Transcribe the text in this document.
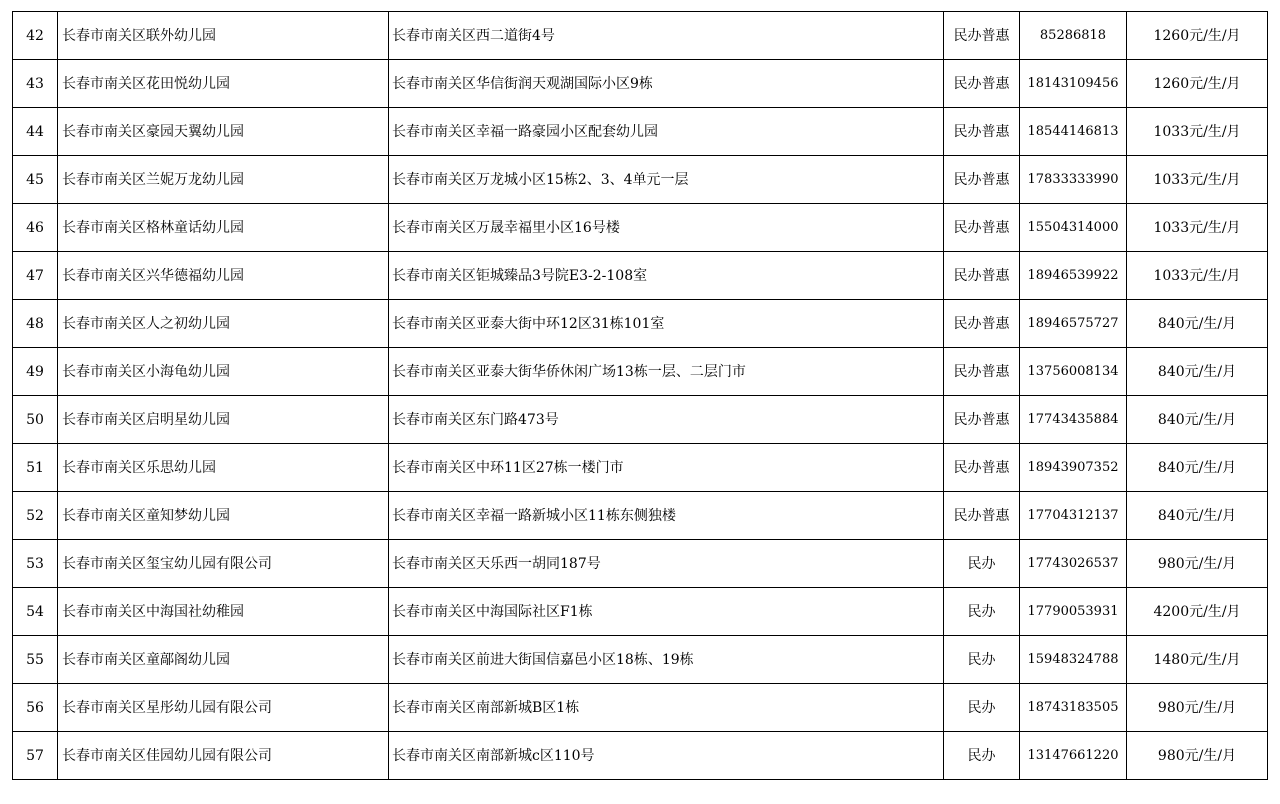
42	长春市南关区联外幼儿园	长春市南关区西二道街4号	民办普惠	85286818	1260元/生/月
43	长春市南关区花田悦幼儿园	长春市南关区华信街润天观湖国际小区9栋	民办普惠	18143109456	1260元/生/月
44	长春市南关区豪园天翼幼儿园	长春市南关区幸福一路豪园小区配套幼儿园	民办普惠	18544146813	1033元/生/月
45	长春市南关区兰妮万龙幼儿园	长春市南关区万龙城小区15栋2、3、4单元一层	民办普惠	17833333990	1033元/生/月
46	长春市南关区格林童话幼儿园	长春市南关区万晟幸福里小区16号楼	民办普惠	15504314000	1033元/生/月
47	长春市南关区兴华德福幼儿园	长春市南关区钜城臻品3号院E3-2-108室	民办普惠	18946539922	1033元/生/月
48	长春市南关区人之初幼儿园	长春市南关区亚泰大街中环12区31栋101室	民办普惠	18946575727	840元/生/月
49	长春市南关区小海龟幼儿园	长春市南关区亚泰大街华侨休闲广场13栋一层、二层门市	民办普惠	13756008134	840元/生/月
50	长春市南关区启明星幼儿园	长春市南关区东门路473号	民办普惠	17743435884	840元/生/月
51	长春市南关区乐思幼儿园	长春市南关区中环11区27栋一楼门市	民办普惠	18943907352	840元/生/月
52	长春市南关区童知梦幼儿园	长春市南关区幸福一路新城小区11栋东侧独楼	民办普惠	17704312137	840元/生/月
53	长春市南关区玺宝幼儿园有限公司	长春市南关区天乐西一胡同187号	民办	17743026537	980元/生/月
54	长春市南关区中海国社幼稚园	长春市南关区中海国际社区F1栋	民办	17790053931	4200元/生/月
55	长春市南关区童鄗阁幼儿园	长春市南关区前进大街国信嘉邑小区18栋、19栋	民办	15948324788	1480元/生/月
56	长春市南关区星彤幼儿园有限公司	长春市南关区南部新城B区1栋	民办	18743183505	980元/生/月
57	长春市南关区佳园幼儿园有限公司	长春市南关区南部新城c区110号	民办	13147661220	980元/生/月
